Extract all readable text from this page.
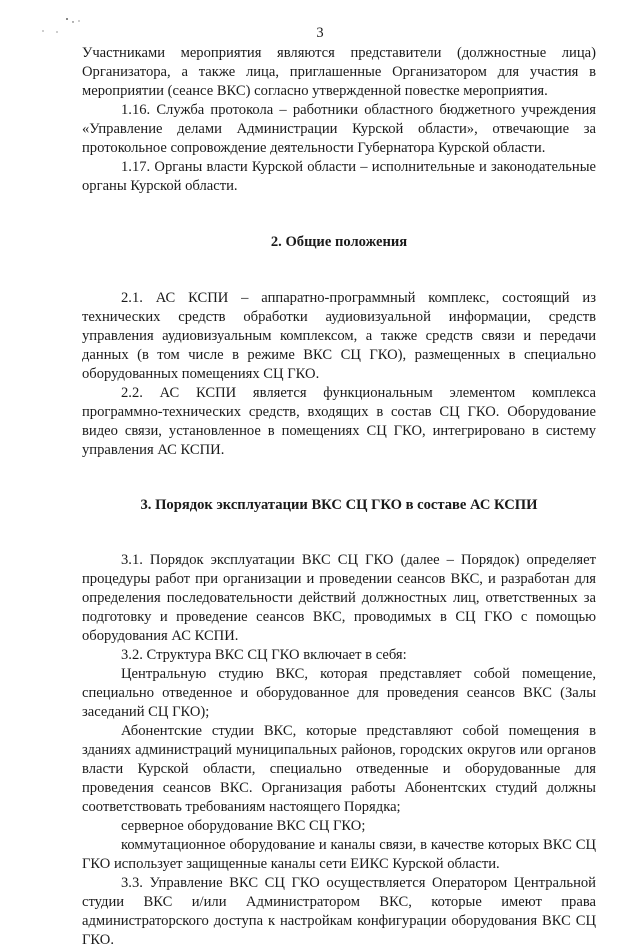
3

Участниками мероприятия являются представители (должностные лица) Организатора, а также лица, приглашенные Организатором для участия в мероприятии (сеансе ВКС) согласно утвержденной повестке мероприятия.

1.16. Служба протокола – работники областного бюджетного учреждения «Управление делами Администрации Курской области», отвечающие за протокольное сопровождение деятельности Губернатора Курской области.

1.17. Органы власти Курской области – исполнительные и законодательные органы Курской области.

2. Общие положения

2.1. АС КСПИ – аппаратно-программный комплекс, состоящий из технических средств обработки аудиовизуальной информации, средств управления аудиовизуальным комплексом, а также средств связи и передачи данных (в том числе в режиме ВКС СЦ ГКО), размещенных в специально оборудованных помещениях СЦ ГКО.

2.2. АС КСПИ является функциональным элементом комплекса программно-технических средств, входящих в состав СЦ ГКО. Оборудование видео связи, установленное в помещениях СЦ ГКО, интегрировано в систему управления АС КСПИ.

3. Порядок эксплуатации ВКС СЦ ГКО в составе АС КСПИ

3.1. Порядок эксплуатации ВКС СЦ ГКО (далее – Порядок) определяет процедуры работ при организации и проведении сеансов ВКС, и разработан для определения последовательности действий должностных лиц, ответственных за подготовку и проведение сеансов ВКС, проводимых в СЦ ГКО с помощью оборудования АС КСПИ.

3.2. Структура ВКС СЦ ГКО включает в себя:

Центральную студию ВКС, которая представляет собой помещение, специально отведенное и оборудованное для проведения сеансов ВКС (Залы заседаний СЦ ГКО);

Абонентские студии ВКС, которые представляют собой помещения в зданиях администраций муниципальных районов, городских округов или органов власти Курской области, специально отведенные и оборудованные для проведения сеансов ВКС. Организация работы Абонентских студий должны соответствовать требованиям настоящего Порядка;

серверное оборудование ВКС СЦ ГКО;

коммутационное оборудование и каналы связи, в качестве которых ВКС СЦ ГКО использует защищенные каналы сети ЕИКС Курской области.

3.3. Управление ВКС СЦ ГКО осуществляется Оператором Центральной студии ВКС и/или Администратором ВКС, которые имеют права администраторского доступа к настройкам конфигурации оборудования ВКС СЦ ГКО.
